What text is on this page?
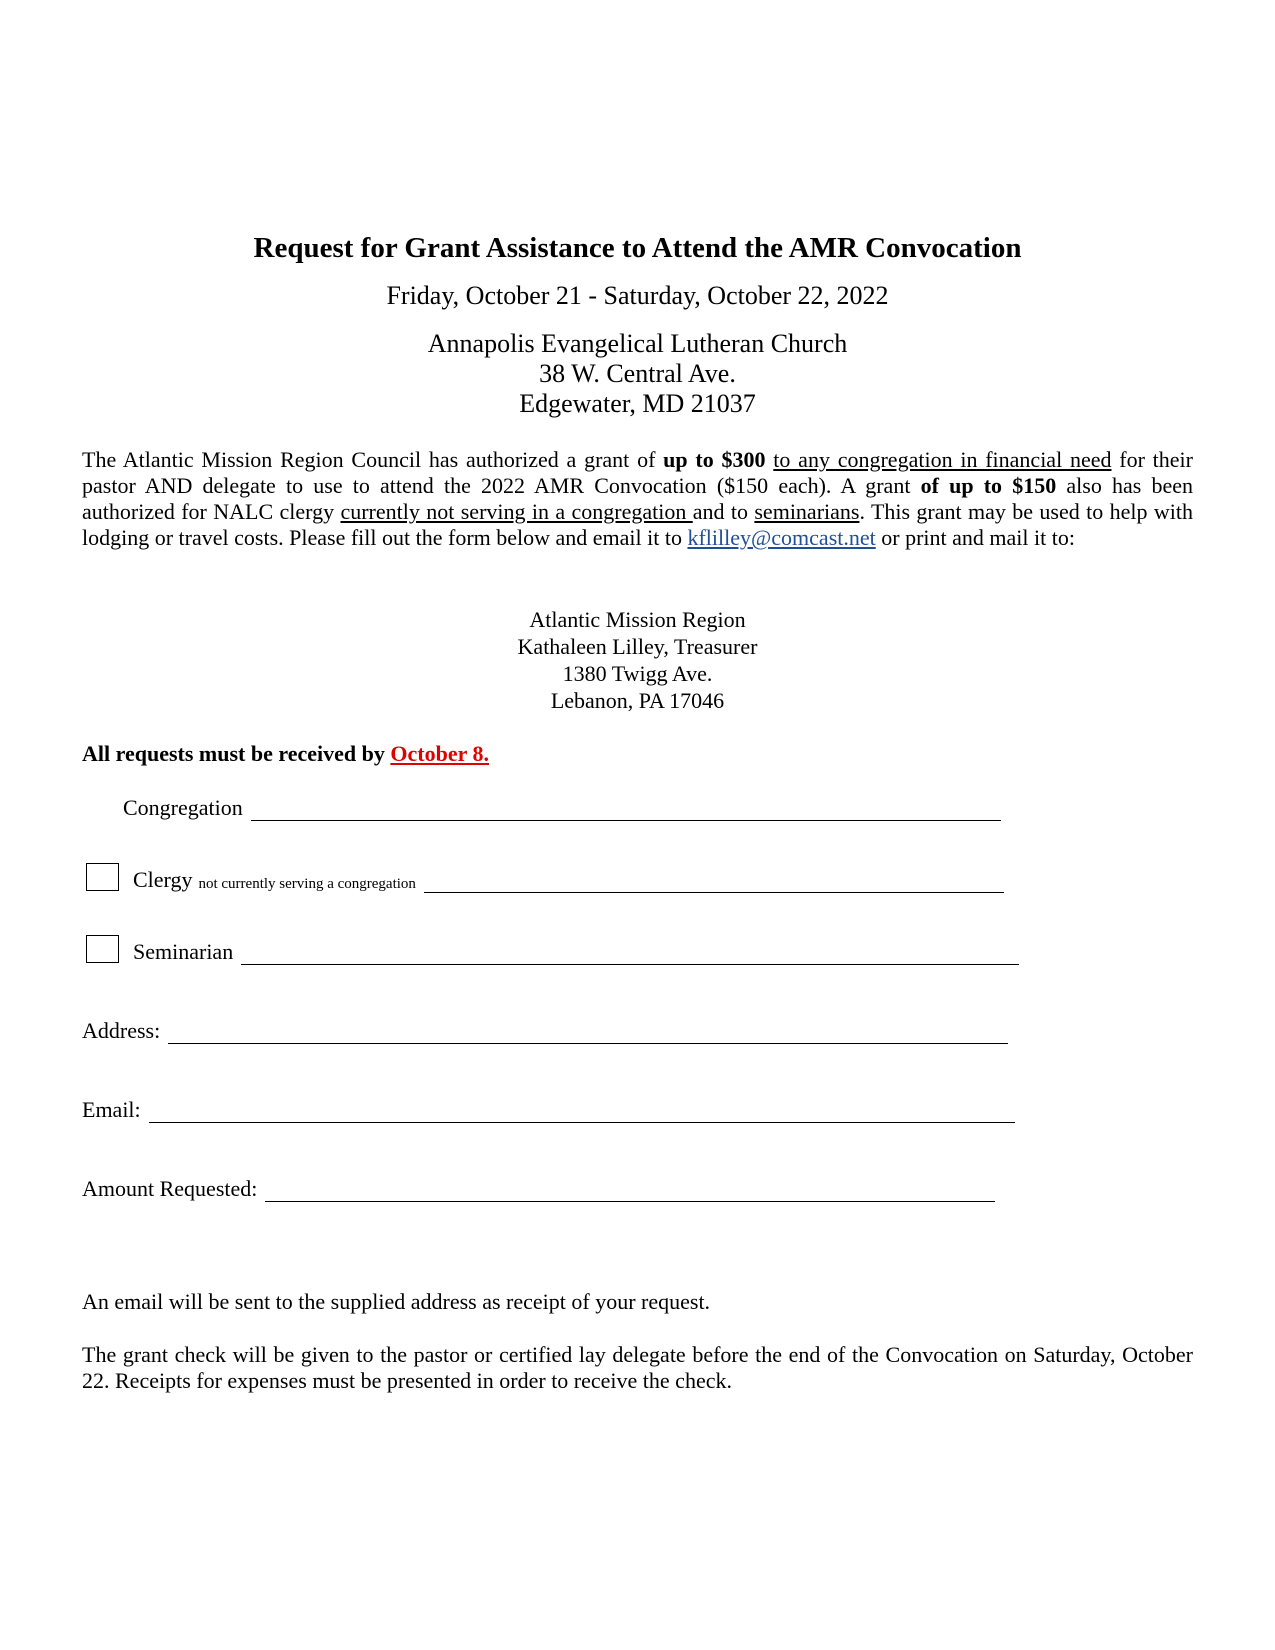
Request for Grant Assistance to Attend the AMR Convocation
Friday, October 21 - Saturday, October 22, 2022
Annapolis Evangelical Lutheran Church
38 W. Central Ave.
Edgewater, MD 21037
The Atlantic Mission Region Council has authorized a grant of up to $300 to any congregation in financial need for their pastor AND delegate to use to attend the 2022 AMR Convocation ($150 each). A grant of up to $150 also has been authorized for NALC clergy currently not serving in a congregation and to seminarians. This grant may be used to help with lodging or travel costs. Please fill out the form below and email it to kflilley@comcast.net or print and mail it to:
Atlantic Mission Region
Kathaleen Lilley, Treasurer
1380 Twigg Ave.
Lebanon, PA 17046
All requests must be received by October 8.
Congregation
Clergy not currently serving a congregation
Seminarian
Address:
Email:
Amount Requested:
An email will be sent to the supplied address as receipt of your request.
The grant check will be given to the pastor or certified lay delegate before the end of the Convocation on Saturday, October 22. Receipts for expenses must be presented in order to receive the check.
